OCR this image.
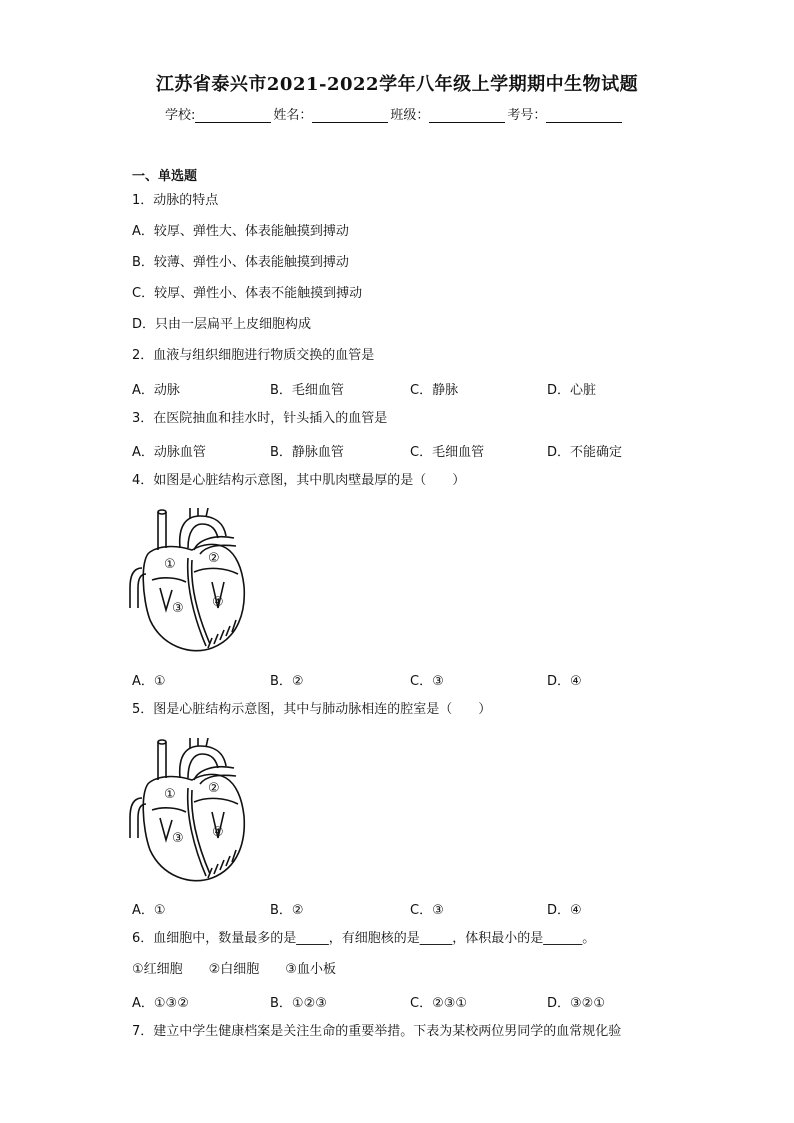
江苏省泰兴市2021-2022学年八年级上学期期中生物试题
学校:	姓名：	班级：	考号：
一、单选题
1．动脉的特点
A．较厚、弹性大、体表能触摸到搏动
B．较薄、弹性小、体表能触摸到搏动
C．较厚、弹性小、体表不能触摸到搏动
D．只由一层扁平上皮细胞构成
2．血液与组织细胞进行物质交换的血管是
A．动脉	B．毛细血管	C．静脉	D．心脏
3．在医院抽血和挂水时，针头插入的血管是
A．动脉血管	B．静脉血管	C．毛细血管	D．不能确定
4．如图是心脏结构示意图，其中肌肉壁最厚的是（　　）
① ②
③ ④
A．①	B．②	C．③	D．④
5．图是心脏结构示意图，其中与肺动脉相连的腔室是（　　）
① ②
③ ④
A．①	B．②	C．③	D．④
6．血细胞中，数量最多的是_____，有细胞核的是_____，体积最小的是______。
①红细胞　　②白细胞　　③血小板
A．①③②	B．①②③	C．②③①	D．③②①
7．建立中学生健康档案是关注生命的重要举措。下表为某校两位男同学的血常规化验
